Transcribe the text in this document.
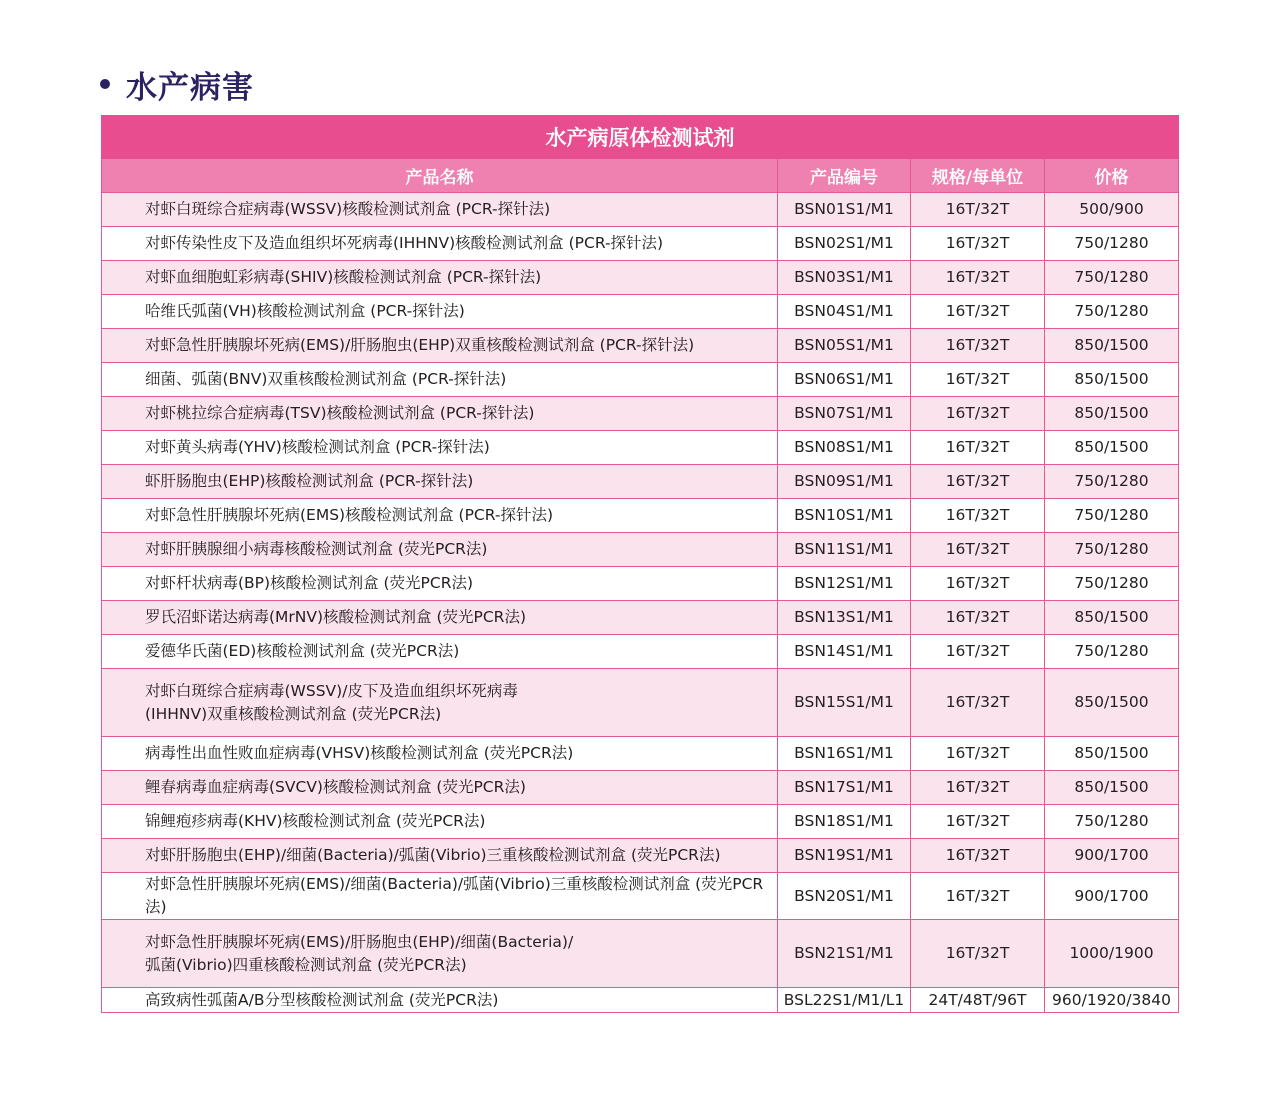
水产病害
水产病原体检测试剂			
产品名称	产品编号	规格/每单位	价格
对虾白斑综合症病毒(WSSV)核酸检测试剂盒 (PCR-探针法)	BSN01S1/M1	16T/32T	500/900
对虾传染性皮下及造血组织坏死病毒(IHHNV)核酸检测试剂盒 (PCR-探针法)	BSN02S1/M1	16T/32T	750/1280
对虾血细胞虹彩病毒(SHIV)核酸检测试剂盒 (PCR-探针法)	BSN03S1/M1	16T/32T	750/1280
哈维氏弧菌(VH)核酸检测试剂盒 (PCR-探针法)	BSN04S1/M1	16T/32T	750/1280
对虾急性肝胰腺坏死病(EMS)/肝肠胞虫(EHP)双重核酸检测试剂盒 (PCR-探针法)	BSN05S1/M1	16T/32T	850/1500
细菌、弧菌(BNV)双重核酸检测试剂盒 (PCR-探针法)	BSN06S1/M1	16T/32T	850/1500
对虾桃拉综合症病毒(TSV)核酸检测试剂盒 (PCR-探针法)	BSN07S1/M1	16T/32T	850/1500
对虾黄头病毒(YHV)核酸检测试剂盒 (PCR-探针法)	BSN08S1/M1	16T/32T	850/1500
虾肝肠胞虫(EHP)核酸检测试剂盒 (PCR-探针法)	BSN09S1/M1	16T/32T	750/1280
对虾急性肝胰腺坏死病(EMS)核酸检测试剂盒 (PCR-探针法)	BSN10S1/M1	16T/32T	750/1280
对虾肝胰腺细小病毒核酸检测试剂盒 (荧光PCR法)	BSN11S1/M1	16T/32T	750/1280
对虾杆状病毒(BP)核酸检测试剂盒 (荧光PCR法)	BSN12S1/M1	16T/32T	750/1280
罗氏沼虾诺达病毒(MrNV)核酸检测试剂盒 (荧光PCR法)	BSN13S1/M1	16T/32T	850/1500
爱德华氏菌(ED)核酸检测试剂盒 (荧光PCR法)	BSN14S1/M1	16T/32T	750/1280

对虾白斑综合症病毒(WSSV)/皮下及造血组织坏死病毒
(IHHNV)双重核酸检测试剂盒 (荧光PCR法)	BSN15S1/M1	16T/32T	850/1500
病毒性出血性败血症病毒(VHSV)核酸检测试剂盒 (荧光PCR法)	BSN16S1/M1	16T/32T	850/1500
鲤春病毒血症病毒(SVCV)核酸检测试剂盒 (荧光PCR法)	BSN17S1/M1	16T/32T	850/1500
锦鲤疱疹病毒(KHV)核酸检测试剂盒 (荧光PCR法)	BSN18S1/M1	16T/32T	750/1280
对虾肝肠胞虫(EHP)/细菌(Bacteria)/弧菌(Vibrio)三重核酸检测试剂盒 (荧光PCR法)	BSN19S1/M1	16T/32T	900/1700
对虾急性肝胰腺坏死病(EMS)/细菌(Bacteria)/弧菌(Vibrio)三重核酸检测试剂盒 (荧光PCR法)	BSN20S1/M1	16T/32T	900/1700

对虾急性肝胰腺坏死病(EMS)/肝肠胞虫(EHP)/细菌(Bacteria)/
弧菌(Vibrio)四重核酸检测试剂盒 (荧光PCR法)	BSN21S1/M1	16T/32T	1000/1900
高致病性弧菌A/B分型核酸检测试剂盒 (荧光PCR法)	BSL22S1/M1/L1	24T/48T/96T	960/1920/3840
